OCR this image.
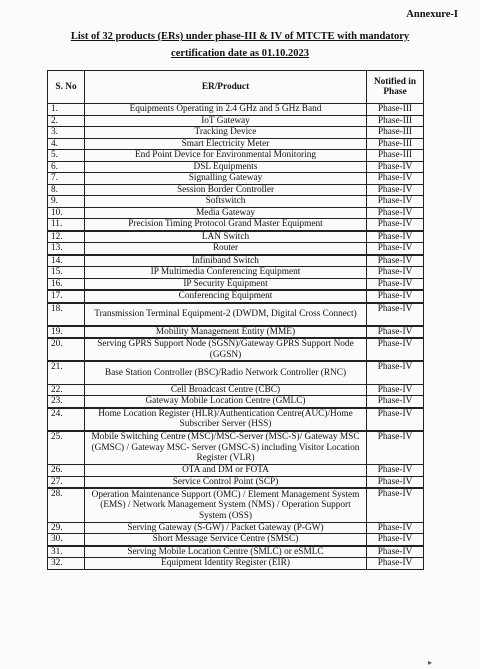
Annexure-I
List of 32 products (ERs) under phase-III & IV of MTCTE with mandatory
certification date as 01.10.2023
S. No	ER/Product	Notified in Phase
1.	Equipments Operating in 2.4 GHz and 5 GHz Band	Phase-III
2.	IoT Gateway	Phase-III
3.	Tracking Device	Phase-III
4.	Smart Electricity Meter	Phase-III
5.	End Point Device for Environmental Monitoring	Phase-III
6.	DSL Equipments	Phase-IV
7.	Signalling Gateway	Phase-IV
8.	Session Border Controller	Phase-IV
9.	Softswitch	Phase-IV
10.	Media Gateway	Phase-IV
11.	Precision Timing Protocol Grand Master Equipment	Phase-IV
12.	LAN Switch	Phase-IV
13.	Router	Phase-IV
14.	Infiniband Switch	Phase-IV
15.	IP Multimedia Conferencing Equipment	Phase-IV
16.	IP Security Equipment	Phase-IV
17.	Conferencing Equipment	Phase-IV
18.	Transmission Terminal Equipment-2 (DWDM, Digital Cross Connect)	Phase-IV
19.	Mobility Management Entity (MME)	Phase-IV
20.	Serving GPRS Support Node (SGSN)/Gateway GPRS Support Node (GGSN)	Phase-IV
21.	Base Station Controller (BSC)/Radio Network Controller (RNC)	Phase-IV
22.	Cell Broadcast Centre (CBC)	Phase-IV
23.	Gateway Mobile Location Centre (GMLC)	Phase-IV
24.	Home Location Register (HLR)/Authentication Centre(AUC)/Home Subscriber Server (HSS)	Phase-IV
25.	Mobile Switching Centre (MSC)/MSC-Server (MSC-S)/ Gateway MSC (GMSC) / Gateway MSC- Server (GMSC-S) including Visitor Location Register (VLR)	Phase-IV
26.	OTA and DM or FOTA	Phase-IV
27.	Service Control Point (SCP)	Phase-IV
28.	Operation Maintenance Support (OMC) / Element Management System (EMS) / Network Management System (NMS) / Operation Support System (OSS)	Phase-IV
29.	Serving Gateway (S-GW) / Packet Gateway (P-GW)	Phase-IV
30.	Short Message Service Centre (SMSC)	Phase-IV
31.	Serving Mobile Location Centre (SMLC) or eSMLC	Phase-IV
32.	Equipment Identity Register (EIR)	Phase-IV
▸
